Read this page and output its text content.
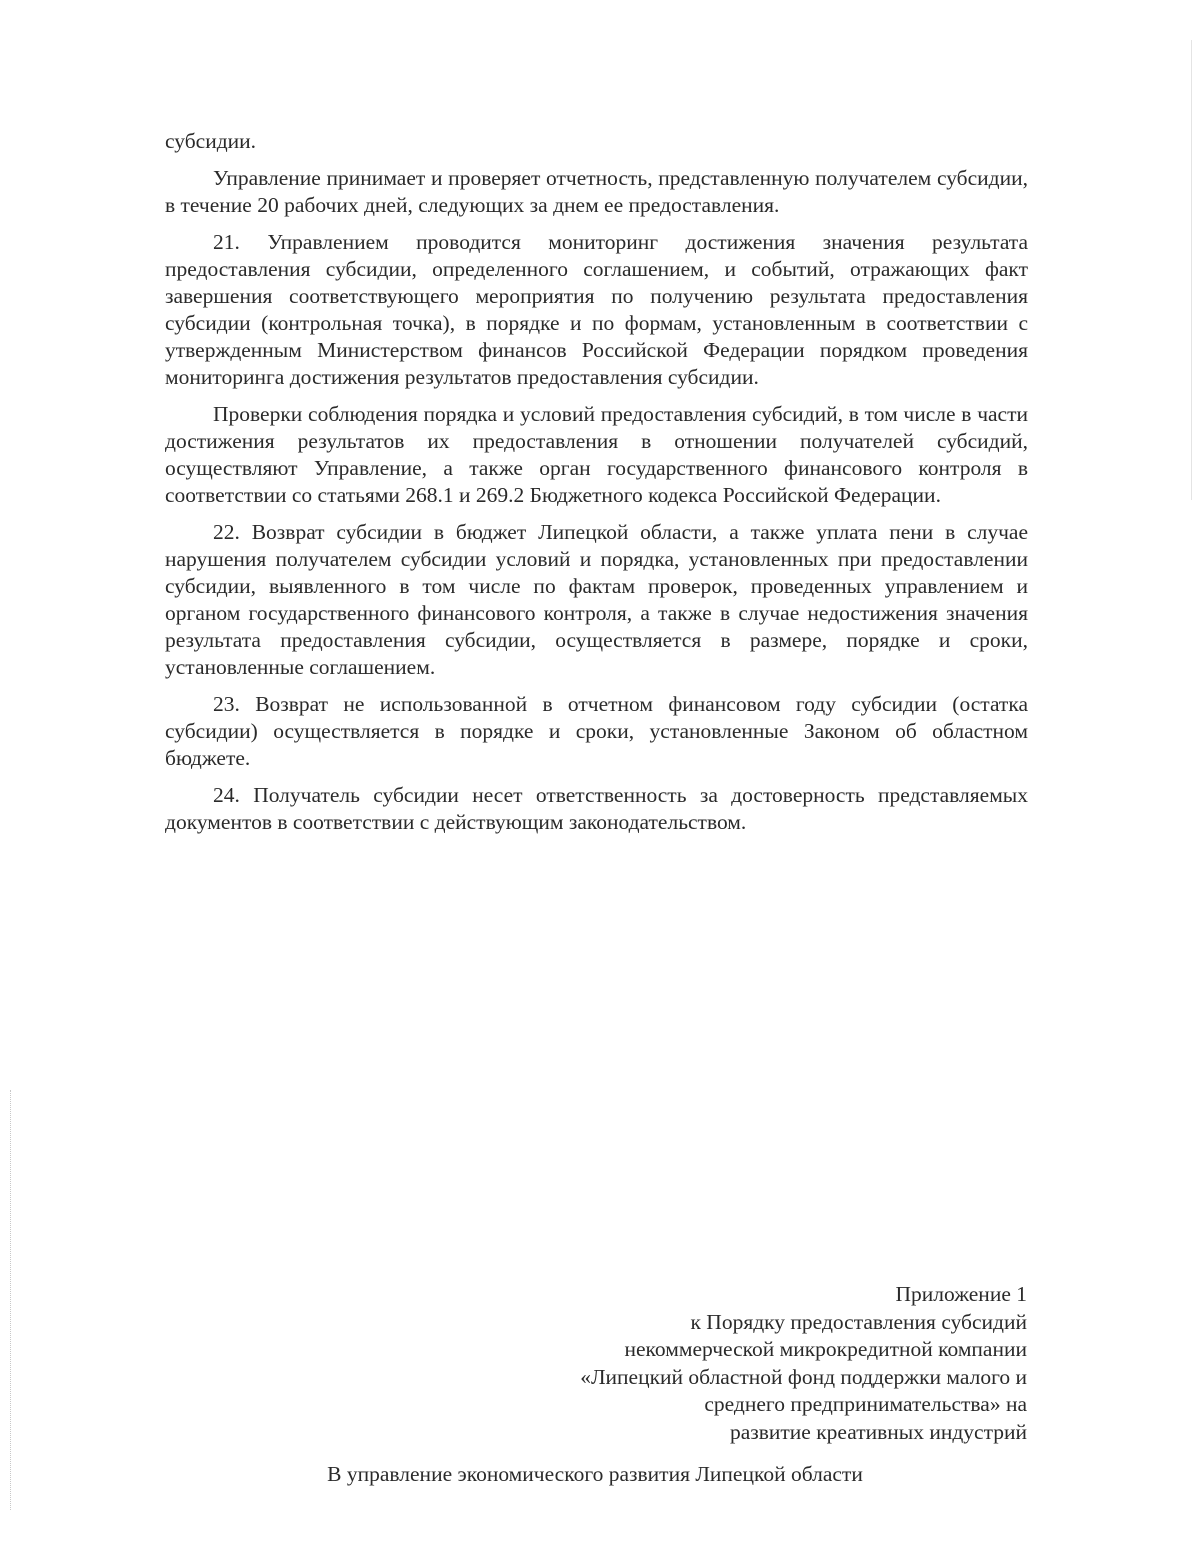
субсидии.

Управление принимает и проверяет отчетность, представленную получателем субсидии, в течение 20 рабочих дней, следующих за днем ее предоставления.

21. Управлением проводится мониторинг достижения значения результата предоставления субсидии, определенного соглашением, и событий, отражающих факт завершения соответствующего мероприятия по получению результата предоставления субсидии (контрольная точка), в порядке и по формам, установленным в соответствии с утвержденным Министерством финансов Российской Федерации порядком проведения мониторинга достижения результатов предоставления субсидии.

Проверки соблюдения порядка и условий предоставления субсидий, в том числе в части достижения результатов их предоставления в отношении получателей субсидий, осуществляют Управление, а также орган государственного финансового контроля в соответствии со статьями 268.1 и 269.2 Бюджетного кодекса Российской Федерации.

22. Возврат субсидии в бюджет Липецкой области, а также уплата пени в случае нарушения получателем субсидии условий и порядка, установленных при предоставлении субсидии, выявленного в том числе по фактам проверок, проведенных управлением и органом государственного финансового контроля, а также в случае недостижения значения результата предоставления субсидии, осуществляется в размере, порядке и сроки, установленные соглашением.

23. Возврат не использованной в отчетном финансовом году субсидии (остатка субсидии) осуществляется в порядке и сроки, установленные Законом об областном бюджете.

24. Получатель субсидии несет ответственность за достоверность представляемых документов в соответствии с действующим законодательством.

Приложение 1
к Порядку предоставления субсидий
некоммерческой микрокредитной компании
«Липецкий областной фонд поддержки малого и
среднего предпринимательства» на
развитие креативных индустрий
В управление экономического развития Липецкой области
